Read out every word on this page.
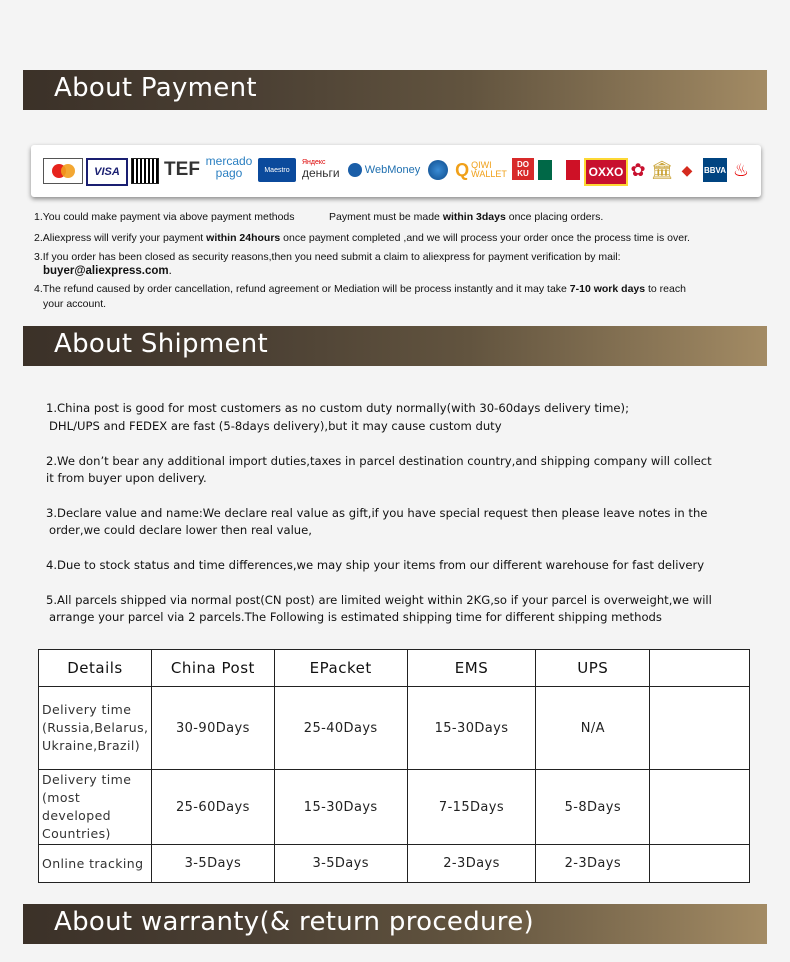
About Payment
VISA TEF mercado
pago	Maestro
Яндекс
деньги WebMoney Q QIWI
WALLET
DO
KU	OXXO ✿ 🏛 ◆	BBVA ♨
1.You could make payment via above payment methods	Payment must be made within 3days once placing orders.
2.Aliexpress will verify your payment within 24hours once payment completed ,and we will process your order once the process time is over.
3.If you order has been closed as security reasons,then you need submit a claim to aliexpress for payment verification by mail:
buyer@aliexpress.com.
4.The refund caused by order cancellation, refund agreement or Mediation will be process instantly and it may take 7-10 work days to reach
your account.
About Shipment
1.China post is good for most customers as no custom duty normally(with 30-60days delivery time);
DHL/UPS and FEDEX are fast (5-8days delivery),but it may cause custom duty
2.We don’t bear any additional import duties,taxes in parcel destination country,and shipping company will collect
it from buyer upon delivery.
3.Declare value and name:We declare real value as gift,if you have special request then please leave notes in the
order,we could declare lower then real value,
4.Due to stock status and time differences,we may ship your items from our different warehouse for fast delivery
5.All parcels shipped via normal post(CN post) are limited weight within 2KG,so if your parcel is overweight,we will
arrange your parcel via 2 parcels.The Following is estimated shipping time for different shipping methods
Details	China Post	EPacket	EMS	UPS	

Delivery time
(Russia,Belarus,
Ukraine,Brazil)	30-90Days	25-40Days	15-30Days	N/A	

Delivery time
(most developed
Countries)	25-60Days	15-30Days	7-15Days	5-8Days	

Online tracking	3-5Days	3-5Days	2-3Days	2-3Days	
About warranty(& return procedure)
